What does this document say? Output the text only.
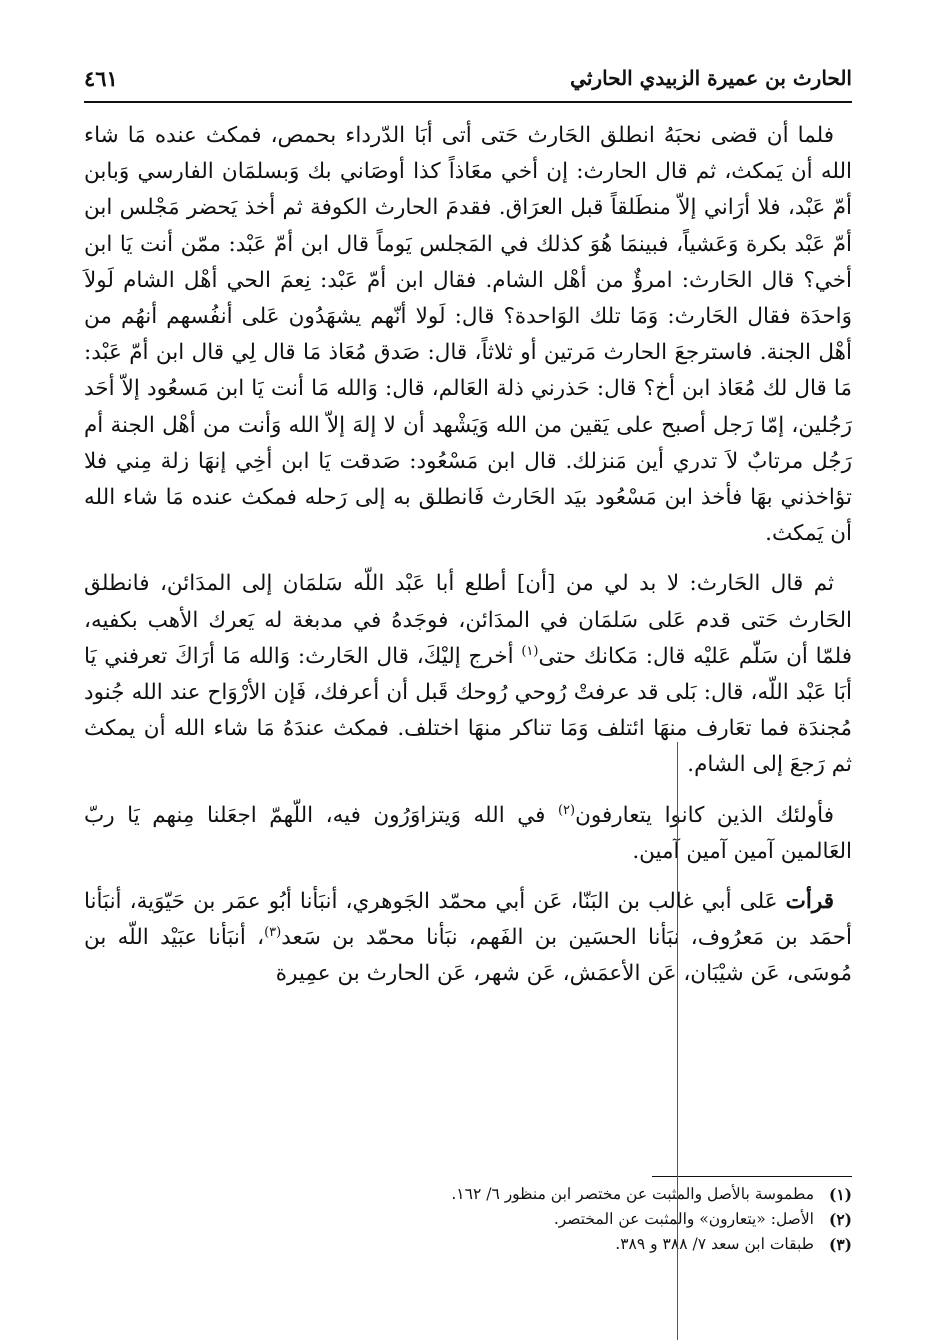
الحارث بن عميرة الزبيدي الحارثي
٤٦١

فلما أن قضى نحبَهُ انطلق الحَارث حَتى أتى أبَا الدّرداء بحمص، فمكث عنده مَا شاء الله أن يَمكث، ثم قال الحارث: إن أخي معَاذاً كذا أوصَاني بك وَبسلمَان الفارسي وَبابن أمّ عَبْد، فلا أرَاني إلاّ منطَلقاً قبل العرَاق. فقدمَ الحارث الكوفة ثم أخذ يَحضر مَجْلس ابن أمّ عَبْد بكرة وَعَشياً، فبينمَا هُوَ كذلك في المَجلس يَوماً قال ابن أمّ عَبْد: ممّن أنت يَا ابن أخي؟ قال الحَارث: امرؤٌ من أهْل الشام. فقال ابن أمّ عَبْد: نِعمَ الحي أهْل الشام لَولاَ وَاحدَة فقال الحَارث: وَمَا تلك الوَاحدة؟ قال: لَولا أنّهم يشهَدُون عَلى أنفُسهم أنهُم من أهْل الجنة. فاسترجعَ الحارث مَرتين أو ثلاثاً، قال: صَدق مُعَاذ مَا قال لِي قال ابن أمّ عَبْد: مَا قال لك مُعَاذ ابن أخ؟ قال: حَذرني ذلة العَالم، قال: وَالله مَا أنت يَا ابن مَسعُود إلاّ أحَد رَجُلين، إمّا رَجل أصبح على يَقين من الله وَيَشْهد أن لا إلهَ إلاّ الله وَأنت من أهْل الجنة أم رَجُل مرتابٌ لاَ تدري أين مَنزلك. قال ابن مَسْعُود: صَدقت يَا ابن أخِي إنهَا زلة مِني فلا تؤاخذني بهَا فأخذ ابن مَسْعُود بيَد الحَارث فَانطلق به إلى رَحله فمكث عنده مَا شاء الله أن يَمكث.

ثم قال الحَارث: لا بد لي من [أن] أطلع أبا عَبْد اللّه سَلمَان إلى المدَائن، فانطلق الحَارث حَتى قدم عَلى سَلمَان في المدَائن، فوجَدهُ في مدبغة له يَعرك الأهب بكفيه، فلمّا أن سَلّم عَليْه قال: مَكانك حتى$^{(١)}$ أخرج إليْكَ، قال الحَارث: وَالله مَا أرَاكَ تعرفني يَا أبَا عَبْد اللّه، قال: بَلى قد عرفتْ رُوحي رُوحك قَبل أن أعرفك، فَإن الأرْوَاح عند الله جُنود مُجندَة فما تعَارف منهَا ائتلف وَمَا تناكر منهَا اختلف. فمكث عندَهُ مَا شاء الله أن يمكث ثم رَجعَ إلى الشام.

فأولئك الذين كانوا يتعارفون$^{(٢)}$ في الله وَيتزاوَرُون فيه، اللّهمّ اجعَلنا مِنهم يَا ربّ العَالمين آمين آمين آمين.

قرأت عَلى أبي غالب بن البَنّا، عَن أبي محمّد الجَوهري، أنبَأنا أبُو عمَر بن حَيّوَية، أنبَأنا أحمَد بن مَعرُوف، نبَأنا الحسَين بن الفَهم، نبَأنا محمّد بن سَعد$^{(٣)}$، أنبَأنا عبَيْد اللّه بن مُوسَى، عَن شيْبَان، عَن الأعمَش، عَن شهر، عَن الحارث بن عمِيرة

(١)
مطموسة بالأصل والمثبت عن مختصر ابن منظور ٦/ ١٦٢.
(٢)
الأصل: «يتعارون» والمثبت عن المختصر.
(٣)
طبقات ابن سعد ٧/ ٣٨٨ و ٣٨٩.
